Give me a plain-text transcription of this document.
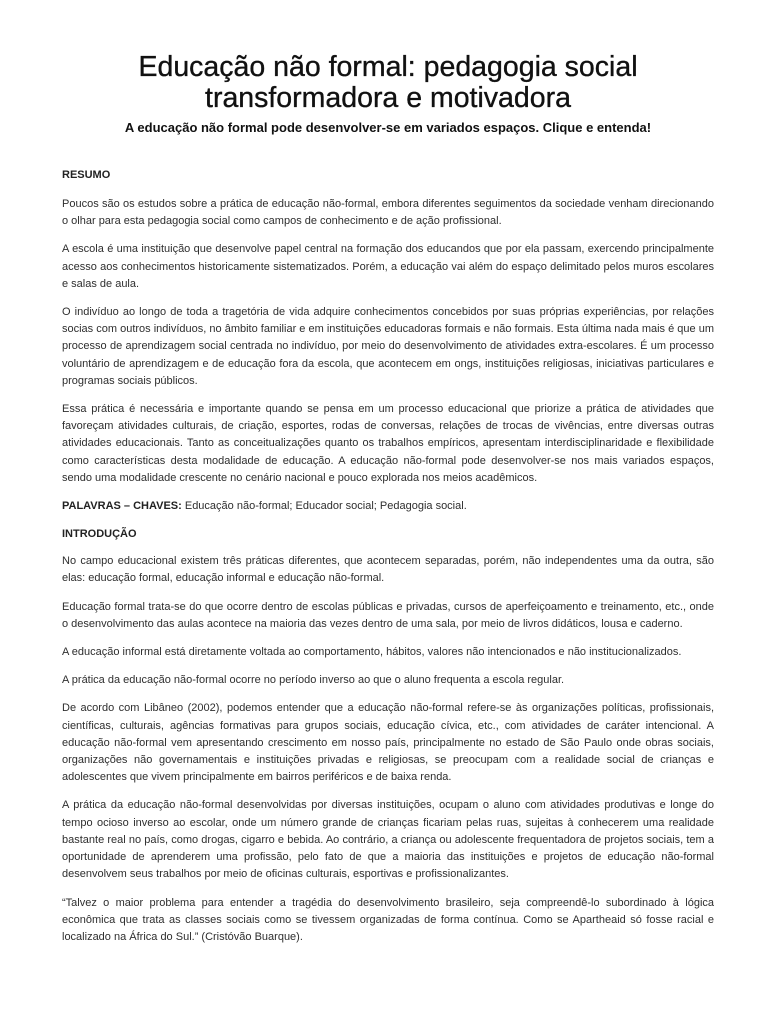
Educação não formal: pedagogia social
transformadora e motivadora
A educação não formal pode desenvolver-se em variados espaços. Clique e entenda!
RESUMO

Poucos são os estudos sobre a prática de educação não-formal, embora diferentes seguimentos da sociedade venham direcionando o olhar para esta pedagogia social como campos de conhecimento e de ação profissional.

A escola é uma instituição que desenvolve papel central na formação dos educandos que por ela passam, exercendo principalmente acesso aos conhecimentos historicamente sistematizados. Porém, a educação vai além do espaço delimitado pelos muros escolares e salas de aula.

O indivíduo ao longo de toda a tragetória de vida adquire conhecimentos concebidos por suas próprias experiências, por relações socias com outros indivíduos, no âmbito familiar e em instituições educadoras formais e não formais. Esta última nada mais é que um processo de aprendizagem social centrada no indivíduo, por meio do desenvolvimento de atividades extra-escolares. É um processo voluntário de aprendizagem e de educação fora da escola, que acontecem em ongs, instituições religiosas, iniciativas particulares e programas sociais públicos.

Essa prática é necessária e importante quando se pensa em um processo educacional que priorize a prática de atividades que favoreçam atividades culturais, de criação, esportes, rodas de conversas, relações de trocas de vivências, entre diversas outras atividades educacionais. Tanto as conceitualizações quanto os trabalhos empíricos, apresentam interdisciplinaridade e flexibilidade como características desta modalidade de educação. A educação não-formal pode desenvolver-se nos mais variados espaços, sendo uma modalidade crescente no cenário nacional e pouco explorada nos meios acadêmicos.

PALAVRAS – CHAVES: Educação não-formal; Educador social; Pedagogia social.

INTRODUÇÃO

No campo educacional existem três práticas diferentes, que acontecem separadas, porém, não independentes uma da outra, são elas: educação formal, educação informal e educação não-formal.

Educação formal trata-se do que ocorre dentro de escolas públicas e privadas, cursos de aperfeiçoamento e treinamento, etc., onde o desenvolvimento das aulas acontece na maioria das vezes dentro de uma sala, por meio de livros didáticos, lousa e caderno.

A educação informal está diretamente voltada ao comportamento, hábitos, valores não intencionados e não institucionalizados.

A prática da educação não-formal ocorre no período inverso ao que o aluno frequenta a escola regular.

De acordo com Libâneo (2002), podemos entender que a educação não-formal refere-se às organizações políticas, profissionais, científicas, culturais, agências formativas para grupos sociais, educação cívica, etc., com atividades de caráter intencional. A educação não-formal vem apresentando crescimento em nosso país, principalmente no estado de São Paulo onde obras sociais, organizações não governamentais e instituições privadas e religiosas, se preocupam com a realidade social de crianças e adolescentes que vivem principalmente em bairros periféricos e de baixa renda.

A prática da educação não-formal desenvolvidas por diversas instituições, ocupam o aluno com atividades produtivas e longe do tempo ocioso inverso ao escolar, onde um número grande de crianças ficariam pelas ruas, sujeitas à conhecerem uma realidade bastante real no país, como drogas, cigarro e bebida. Ao contrário, a criança ou adolescente frequentadora de projetos sociais, tem a oportunidade de aprenderem uma profissão, pelo fato de que a maioria das instituições e projetos de educação não-formal desenvolvem seus trabalhos por meio de oficinas culturais, esportivas e profissionalizantes.

“Talvez o maior problema para entender a tragédia do desenvolvimento brasileiro, seja compreendê-lo subordinado à lógica econômica que trata as classes sociais como se tivessem organizadas de forma contínua. Como se Apartheaid só fosse racial e localizado na África do Sul.” (Cristóvão Buarque).
